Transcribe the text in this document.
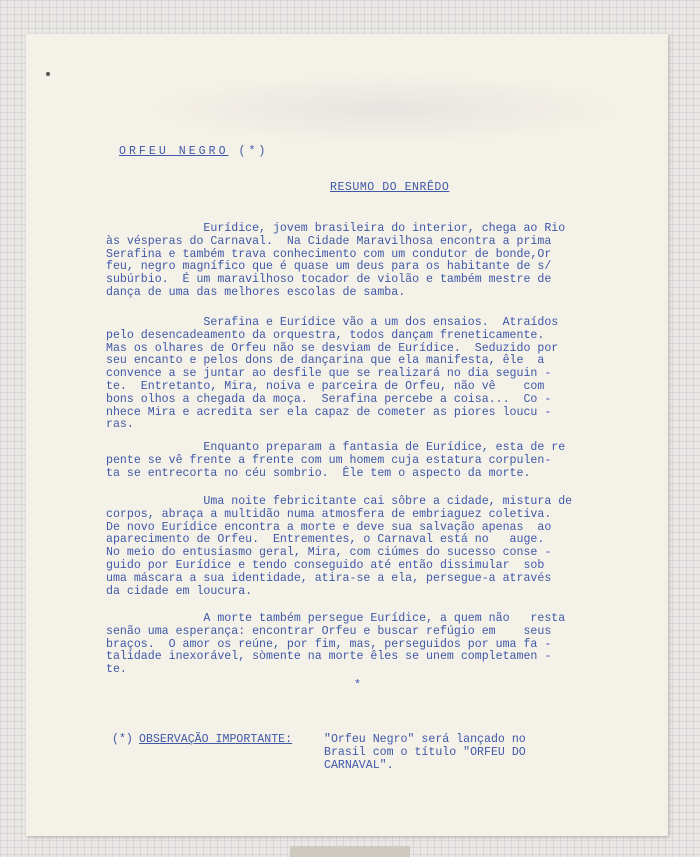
ORFEU NEGRO (*)
RESUMO DO ENRÊDO
Eurídice, jovem brasileira do interior, chega ao Rio
às vésperas do Carnaval.  Na Cidade Maravilhosa encontra a prima
Serafina e também trava conhecimento com um condutor de bonde,Or
feu, negro magnífico que é quase um deus para os habitante de s/
subúrbio.  É um maravilhoso tocador de violão e também mestre de
dança de uma das melhores escolas de samba.
Serafina e Eurídice vão a um dos ensaios.  Atraídos
pelo desencadeamento da orquestra, todos dançam freneticamente.
Mas os olhares de Orfeu não se desviam de Eurídice.  Seduzido por
seu encanto e pelos dons de dançarina que ela manifesta, êle  a
convence a se juntar ao desfile que se realizará no dia seguin -
te.  Entretanto, Mira, noiva e parceira de Orfeu, não vê    com
bons olhos a chegada da moça.  Serafina percebe a coisa...  Co -
nhece Mira e acredita ser ela capaz de cometer as piores loucu -
ras.
Enquanto preparam a fantasia de Eurídice, esta de re
pente se vê frente a frente com um homem cuja estatura corpulen-
ta se entrecorta no céu sombrio.  Êle tem o aspecto da morte.
Uma noite febricitante cai sôbre a cidade, mistura de
corpos, abraça a multidão numa atmosfera de embriaguez coletiva.
De novo Eurídice encontra a morte e deve sua salvação apenas  ao
aparecimento de Orfeu.  Entrementes, o Carnaval está no   auge.
No meio do entusiasmo geral, Mira, com ciúmes do sucesso conse -
guido por Eurídice e tendo conseguido até então dissimular  sob
uma máscara a sua identidade, atira-se a ela, persegue-a através
da cidade em loucura.
A morte também persegue Eurídice, a quem não   resta
senão uma esperança: encontrar Orfeu e buscar refúgio em    seus
braços.  O amor os reúne, por fim, mas, perseguidos por uma fa -
talidade inexorável, sòmente na morte êles se unem completamen -
te.
*
(*) OBSERVAÇÃO IMPORTANTE:	"Orfeu Negro" será lançado no
Brasil com o título "ORFEU DO
CARNAVAL".
